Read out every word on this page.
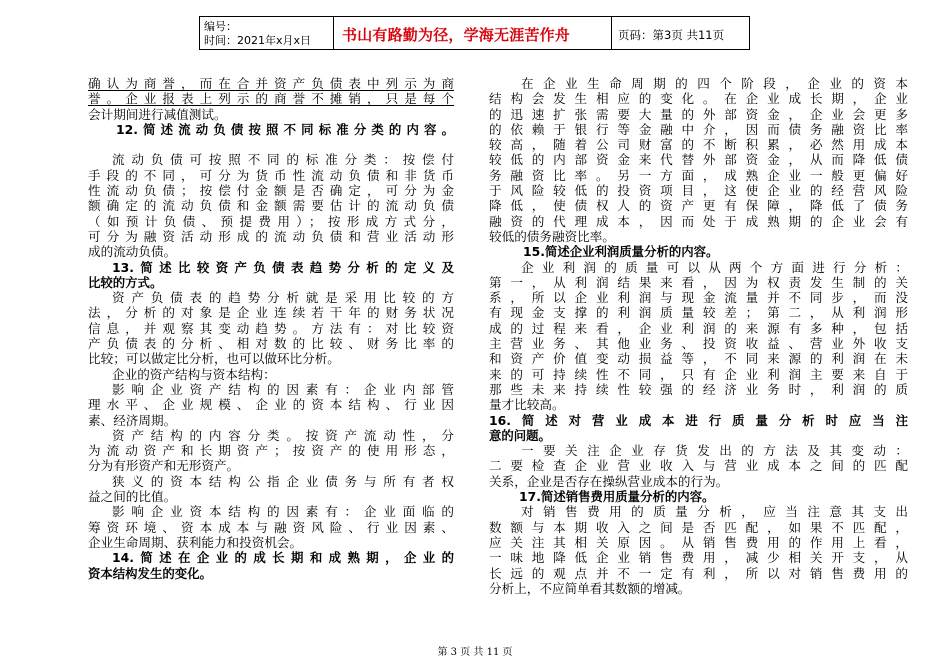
编号：
时间：2021年x月x日	书山有路勤为径，学海无涯苦作舟	页码：第3页 共11页
确认为商誉，而在合并资产负债表中列示为商
誉。企业报表上列示的商誉不摊销，只是每个
会计期间进行减值测试。
12.简述流动负债按照不同标准分类的内容。
流动负债可按照不同的标准分类：按偿付
手段的不同，可分为货币性流动负债和非货币
性流动负债；按偿付金额是否确定，可分为金
额确定的流动负债和金额需要估计的流动负债
（如预计负债、预提费用）；按形成方式分，
可分为融资活动形成的流动负债和营业活动形
成的流动负债。
13.简述比较资产负债表趋势分析的定义及
比较的方式。
资产负债表的趋势分析就是采用比较的方
法，分析的对象是企业连续若干年的财务状况
信息，并观察其变动趋势。方法有：对比较资
产负债表的分析、相对数的比较、财务比率的
比较；可以做定比分析，也可以做环比分析。
企业的资产结构与资本结构：
影响企业资产结构的因素有：企业内部管
理水平、企业规模、企业的资本结构、行业因
素、经济周期。
资产结构的内容分类。按资产流动性，分
为流动资产和长期资产；按资产的使用形态，
分为有形资产和无形资产。
狭义的资本结构公指企业债务与所有者权
益之间的比值。
影响企业资本结构的因素有：企业面临的
筹资环境、资本成本与融资风险、行业因素、
企业生命周期、获利能力和投资机会。
14.简述在企业的成长期和成熟期，企业的
资本结构发生的变化。
在企业生命周期的四个阶段，企业的资本
结构会发生相应的变化。在企业成长期，企业
的迅速扩张需要大量的外部资金，企业会更多
的依赖于银行等金融中介，因而债务融资比率
较高，随着公司财富的不断积累，必然用成本
较低的内部资金来代替外部资金，从而降低债
务融资比率。另一方面，成熟企业一般更偏好
于风险较低的投资项目，这使企业的经营风险
降低，使债权人的资产更有保障，降低了债务
融资的代理成本，因而处于成熟期的企业会有
较低的债务融资比率。
15.简述企业利润质量分析的内容。
企业利润的质量可以从两个方面进行分析：
第一，从利润结果来看，因为权责发生制的关
系，所以企业利润与现金流量并不同步，而没
有现金支撑的利润质量较差；第二，从利润形
成的过程来看，企业利润的来源有多种，包括
主营业务、其他业务、投资收益、营业外收支
和资产价值变动损益等，不同来源的利润在未
来的可持续性不同，只有企业利润主要来自于
那些未来持续性较强的经济业务时，利润的质
量才比较高。
16.简述对营业成本进行质量分析时应当注
意的问题。
一要关注企业存货发出的方法及其变动：
二要检查企业营业收入与营业成本之间的匹配
关系，企业是否存在操纵营业成本的行为。
17.简述销售费用质量分析的内容。
对销售费用的质量分析，应当注意其支出
数额与本期收入之间是否匹配，如果不匹配，
应关注其相关原因。从销售费用的作用上看，
一味地降低企业销售费用，减少相关开支，从
长远的观点并不一定有利，所以对销售费用的
分析上，不应简单看其数额的增减。
第 3 页 共 11 页
